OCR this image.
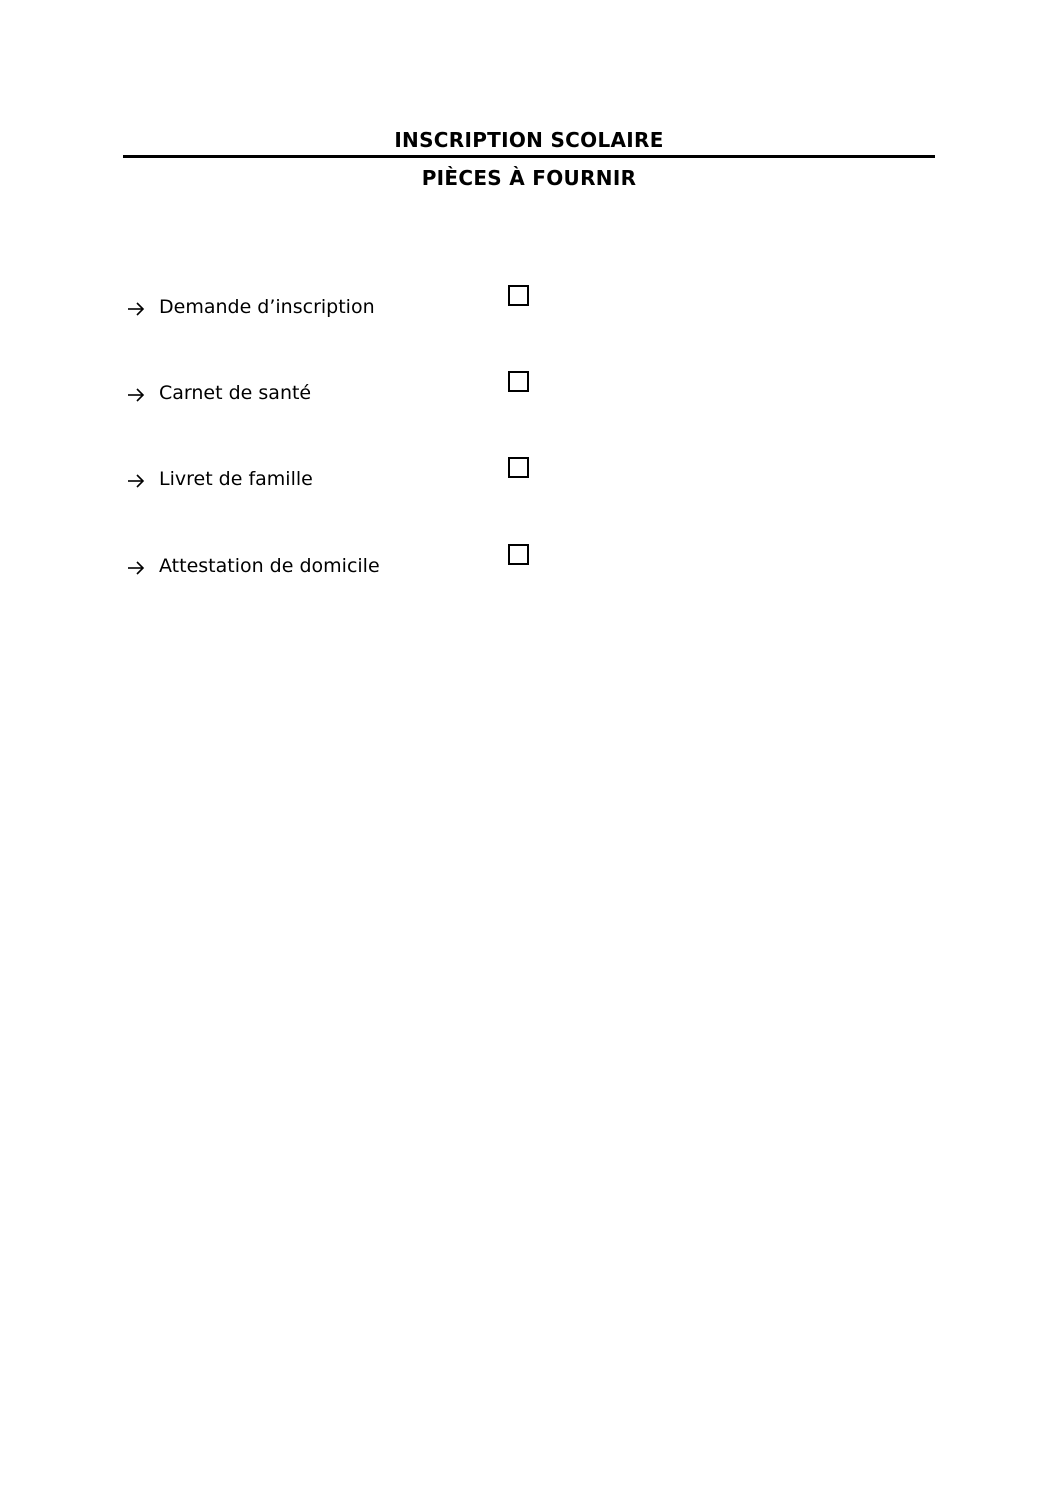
INSCRIPTION SCOLAIRE
PIÈCES À FOURNIR
Demande d’inscription
Carnet de santé
Livret de famille
Attestation de domicile
